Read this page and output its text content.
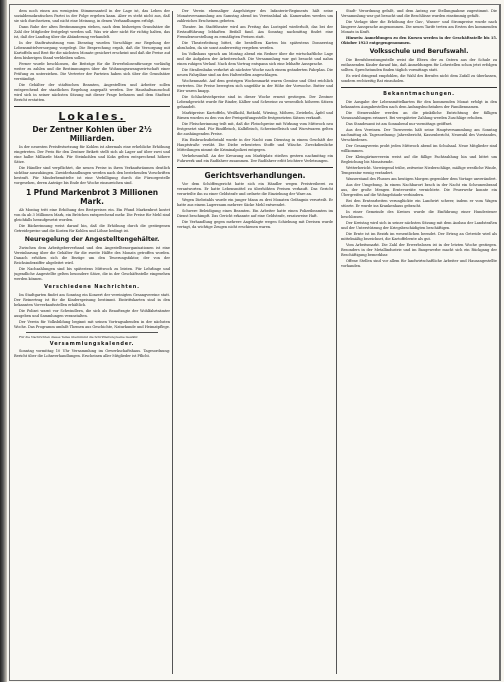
dem noch einen am wenigsten Stimmenanteil in der Lage ist, das Leben der sozialdemokratischen Partei in der Folge ergeben kann. Aber es steht nicht aus, daß sie sich durchsetzen, und nicht eine Meinung, in denen Verhandlungen erfolgt.

Dann Ruhe der alten Bestimmungen stehen, nach dem bisherigen Grundsätze die Zahl der Mitglieder festgelegt werden soll. Was wir aber nicht für richtig halten, das ist, daß der Landtag über die Abänderung verhandelt.

In der Stadtratssitzung vom Dienstag wurden Vorschläge zur Regelung der Lebensmittelversorgung vorgelegt. Die Besprechung ergab, daß die Versorgung mit Kartoffeln und Brot für die nächsten Monate gesichert erscheint und daß die Preise auf dem bisherigen Stand verbleiben sollen.

Ferner wurde beschlossen, die Beiträge für die Erwerbslosenfürsorge vorläufig weiter zu zahlen und die Bestimmungen über die Wohnungszwangswirtschaft einer Prüfung zu unterziehen. Die Vertreter der Parteien haben sich über die Grundsätze verständigt.

Die Gehälter der städtischen Beamten, Angestellten und Arbeiter sollen entsprechend der staatlichen Regelung angepaßt werden. Der Haushaltsausschuß wird sich in seiner nächsten Sitzung mit dieser Frage befassen und dem Stadtrat Bericht erstatten.

Lokales.
Der Zentner Kohlen über 2½ Milliarden.

In der neuesten Preisfestsetzung für Kohlen ist abermals eine erhebliche Erhöhung eingetreten. Der Preis für den Zentner Brikett stellt sich ab Lager auf über zwei und eine halbe Milliarde Mark. Für Steinkohlen und Koks gelten entsprechend höhere Sätze.

Die Händler sind verpflichtet, die neuen Preise in ihren Verkaufsräumen deutlich sichtbar auszuhängen. Zuwiderhandlungen werden nach den bestehenden Vorschriften bestraft. Für Minderbemittelte ist eine Verbilligung durch die Fürsorgestelle vorgesehen, deren Anträge bis Ende der Woche einzureichen sind.

1 Pfund Markenbrot 3 Millionen Mark.

Ab Montag tritt eine Erhöhung des Brotpreises ein. Ein Pfund Markenbrot kostet von da ab 3 Millionen Mark, ein Brötchen entsprechend mehr. Die Preise für Mehl sind gleichfalls heraufgesetzt worden.

Die Bäckerinnung weist darauf hin, daß die Erhöhung durch die gestiegenen Getreidepreise und die Kosten für Kohlen und Löhne bedingt ist.

Neuregelung der Angestelltengehälter.

Zwischen dem Arbeitgeberverband und den Angestelltenorganisationen ist eine Vereinbarung über die Gehälter für die zweite Hälfte des Monats getroffen worden. Danach erhöhen sich die Bezüge um den Teuerungsfaktor, der von der Reichsindexziffer abgeleitet wird.

Die Nachzahlungen sind bis spätestens Mittwoch zu leisten. Für Lehrlinge und jugendliche Angestellte gelten besondere Sätze, die in der Geschäftsstelle eingesehen werden können.

Verschiedene Nachrichten.

Im Stadtgarten findet am Sonntag ein Konzert der vereinigten Gesangvereine statt. Der Reinertrag ist für die Kinderspeisung bestimmt. Eintrittskarten sind in den bekannten Vorverkaufsstellen erhältlich.

Die Polizei warnt vor Schwindlern, die sich als Beauftragte der Wohlfahrtsämter ausgeben und Sammlungen veranstalten.

Der Verein für Volksbildung beginnt mit seinen Vortragsabenden in der nächsten Woche. Das Programm umfaßt Themen aus Geschichte, Naturkunde und Heimatpflege.

Für die Nachrichten dieses Teiles übernimmt die Schriftleitung keine Gewähr.

Versammlungskalender.

Sonntag vormittag 10 Uhr Versammlung im Gewerkschaftshaus. Tagesordnung: Bericht über die Lohnverhandlungen. Erscheinen aller Mitglieder ist Pflicht.

Der Verein ehemaliger Angehöriger des Infanterie-Regiments hält seine Monatsversammlung am Samstag abend im Vereinslokal ab. Kameraden werden um zahlreiches Erscheinen gebeten.

Theater. Im Stadttheater wird am Freitag das Lustspiel wiederholt, das bei der Erstaufführung lebhaften Beifall fand. Am Sonntag nachmittag findet eine Fremdenvorstellung zu ermäßigten Preisen statt.

Die Theaterleitung bittet, die bestellten Karten bis spätestens Donnerstag abzuholen, da sie sonst anderweitig vergeben werden.

Im Volkshaus sprach am Montag abend ein Redner über die wirtschaftliche Lage und die Aufgaben der Arbeiterschaft. Die Versammlung war gut besucht und nahm einen ruhigen Verlauf. Nach dem Vortrag entspann sich eine lebhafte Aussprache.

Die Straßenbahn verkehrt ab nächster Woche nach einem geänderten Fahrplan. Die neuen Fahrpläne sind an den Haltestellen angeschlagen.

Wochenmarkt. Auf dem gestrigen Wochenmarkt waren Gemüse und Obst reichlich vertreten. Die Preise bewegten sich ungefähr in der Höhe der Vorwoche. Butter und Eier waren knapp.

Die Schlachtviehpreise sind in dieser Woche erneut gestiegen. Der Zentner Lebendgewicht wurde für Rinder, Kälber und Schweine zu wesentlich höheren Sätzen gehandelt.

Marktpreise: Kartoffeln, Weißkohl, Rotkohl, Wirsing, Möhren, Zwiebeln, Äpfel und Birnen wurden zu den von der Preisprüfungsstelle festgesetzten Sätzen verkauft.

Die Fleischerinnung teilt mit, daß die Fleischpreise mit Wirkung vom Mittwoch neu festgesetzt sind. Für Rindfleisch, Kalbfleisch, Schweinefleisch und Wurstwaren gelten die aushängenden Preise.

Ein Einbruchsdiebstahl wurde in der Nacht zum Dienstag in einem Geschäft der Hauptstraße verübt. Die Diebe erbeuteten Stoffe und Wäsche. Zweckdienliche Mitteilungen nimmt die Kriminalpolizei entgegen.

Verkehrsunfall. An der Kreuzung am Marktplatz stießen gestern nachmittag ein Fuhrwerk und ein Radfahrer zusammen. Der Radfahrer erlitt leichtere Verletzungen.

Gerichtsverhandlungen.

Vor dem Schöffengericht hatte sich ein Händler wegen Preistreiberei zu verantworten. Er hatte Lebensmittel zu überhöhten Preisen verkauft. Das Gericht verurteilte ihn zu einer Geldstrafe und ordnete die Einziehung der Ware an.

Wegen Diebstahls wurde ein junger Mann zu drei Monaten Gefängnis verurteilt. Er hatte aus einem Lagerraum mehrere Säcke Mehl entwendet.

Schwere Beleidigung eines Beamten. Ein Arbeiter hatte einen Polizeibeamten im Dienst beschimpft. Das Gericht erkannte auf eine Geldstrafe, ersatzweise Haft.

Die Verhandlung gegen mehrere Angeklagte wegen Schiebung mit Devisen wurde vertagt, da wichtige Zeugen nicht erschienen waren.

Stadt- Verordnung gefaßt, und dem Antrag zur Stellungnahme zugestimmt. Die Versammlung war gut besucht und die Beschlüsse wurden einstimmig gefaßt.

Die Vorlage über die Erhöhung der Gas-, Wasser- und Strompreise wurde nach längerer Aussprache angenommen. Die neuen Tarife treten am Ersten des kommenden Monats in Kraft.

Hinweis: Anmeldungen zu den Kursen werden in der Geschäftsstelle bis 15. Oktober 1923 entgegengenommen.

Volksschule und Berufswahl.

Die Berufsberatungsstelle weist die Eltern der zu Ostern aus der Schule zu entlassenden Kinder darauf hin, daß Anmeldungen für Lehrstellen schon jetzt erfolgen sollten. Sprechstunden finden täglich vormittags statt.

Es wird dringend empfohlen, die Wahl des Berufes nicht dem Zufall zu überlassen, sondern rechtzeitig Rat einzuholen.

Bekanntmachungen.

Die Ausgabe der Lebensmittelkarten für den kommenden Monat erfolgt in den bekannten Ausgabestellen nach dem Anfangsbuchstaben der Familiennamen.

Die Steuerzahler werden an die pünktliche Entrichtung der fälligen Vorauszahlungen erinnert. Bei verspäteter Zahlung werden Zuschläge erhoben.

Das Standesamt ist am Sonnabend nur vormittags geöffnet.

Aus den Vereinen. Der Turnverein hält seine Hauptversammlung am Sonntag nachmittag ab. Tagesordnung: Jahresbericht, Kassenbericht, Neuwahl des Vorstandes, Verschiedenes.

Der Gesangverein probt jeden Mittwoch abend im Schulsaal. Neue Mitglieder sind willkommen.

Der Kleingärtnerverein weist auf die fällige Pachtzahlung hin und bittet um Begleichung bis Monatsende.

Wetterbericht. Vorwiegend trübe, zeitweise Niederschläge, mäßige westliche Winde, Temperatur wenig verändert.

Wasserstand des Flusses am heutigen Morgen gegenüber dem Vortage unverändert.

Aus der Umgebung. In einem Nachbarort brach in der Nacht ein Scheunenbrand aus, der große Mengen Erntevorräte vernichtete. Die Feuerwehr konnte ein Übergreifen auf die Wohngebäude verhindern.

Bei den Erntearbeiten verunglückte ein Landwirt schwer, indem er vom Wagen stürzte. Er wurde ins Krankenhaus gebracht.

In einer Gemeinde des Kreises wurde die Einführung einer Hundesteuer beschlossen.

Der Kreistag wird sich in seiner nächsten Sitzung mit dem Ausbau der Landstraßen und der Unterstützung der Kriegsbeschädigten beschäftigen.

Die Ernte ist im Bezirk im wesentlichen beendet. Der Ertrag an Getreide wird als mittelmäßig bezeichnet, die Kartoffelernte als gut.

Vom Arbeitsmarkt. Die Zahl der Erwerbslosen ist in der letzten Woche gestiegen. Besonders in der Metallindustrie und im Baugewerbe macht sich ein Rückgang der Beschäftigung bemerkbar.

Offene Stellen sind vor allem für landwirtschaftliche Arbeiter und Hausangestellte vorhanden.
